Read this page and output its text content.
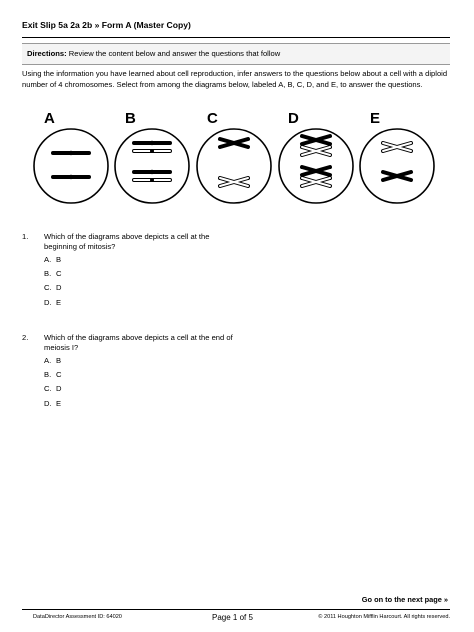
Exit Slip 5a 2a 2b » Form A (Master Copy)
Directions: Review the content below and answer the questions that follow
Using the information you have learned about cell reproduction, infer answers to the questions below about a cell with a diploid number of 4 chromosomes. Select from among the diagrams below, labeled A, B, C, D, and E, to answer the questions.
A	B	C	D	E
1. Which of the diagrams above depicts a cell at the beginning of mitosis?
A. B
B. C
C. D
D. E
2. Which of the diagrams above depicts a cell at the end of meiosis I?
A. B
B. C
C. D
D. E
Go on to the next page »
DataDirector Assessment ID: 64020	Page 1 of 5	© 2011 Houghton Mifflin Harcourt. All rights reserved.
